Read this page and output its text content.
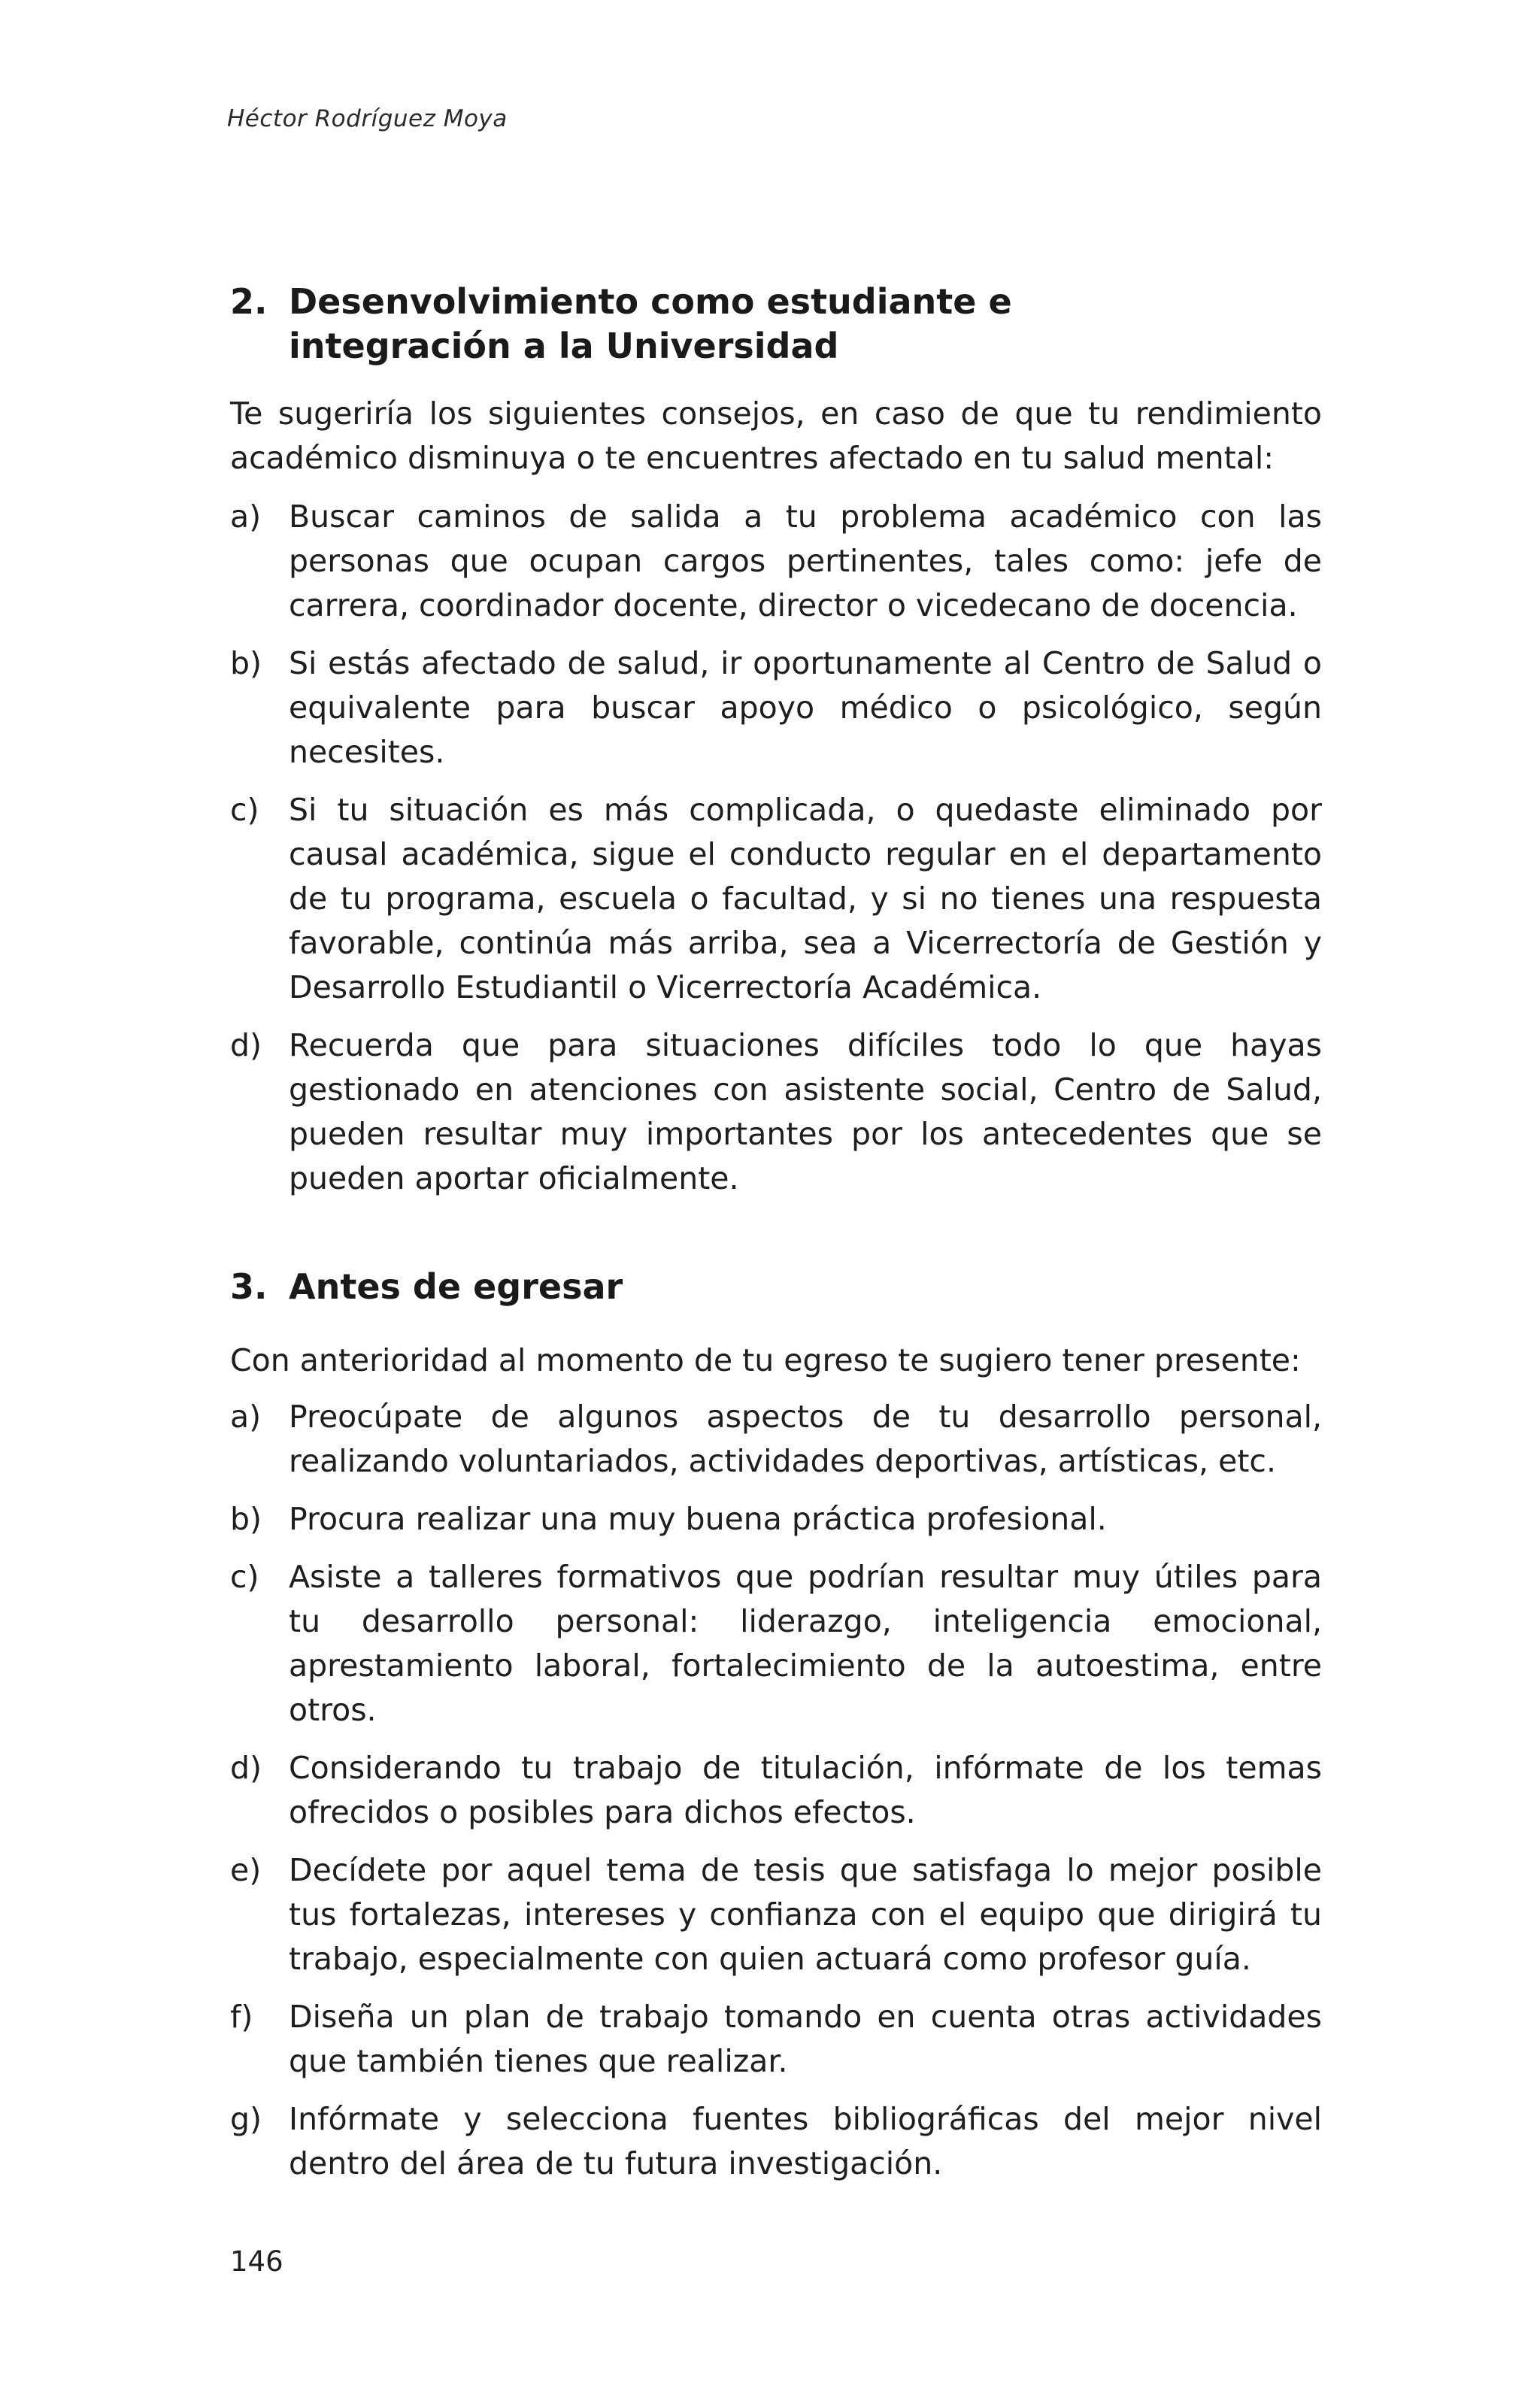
Héctor Rodríguez Moya
2. Desenvolvimiento como estudiante e
integración a la Universidad

Te sugeriría los siguientes consejos, en caso de que tu rendimiento académico disminuya o te encuentres afectado en tu salud mental:

a) Buscar caminos de salida a tu problema académico con las personas que ocupan cargos pertinentes, tales como: jefe de carrera, coordinador docente, director o vicedecano de docencia.
b) Si estás afectado de salud, ir oportunamente al Centro de Salud o equivalente para buscar apoyo médico o psicológico, según necesites.
c) Si tu situación es más complicada, o quedaste eliminado por causal académica, sigue el conducto regular en el departamento de tu programa, escuela o facultad, y si no tienes una respuesta favorable, continúa más arriba, sea a Vicerrectoría de Gestión y Desarrollo Estudiantil o Vicerrectoría Académica.
d) Recuerda que para situaciones difíciles todo lo que hayas gestionado en atenciones con asistente social, Centro de Salud, pueden resultar muy importantes por los antecedentes que se pueden aportar oficialmente.
3. Antes de egresar

Con anterioridad al momento de tu egreso te sugiero tener presente:

a) Preocúpate de algunos aspectos de tu desarrollo personal, realizando voluntariados, actividades deportivas, artísticas, etc.
b) Procura realizar una muy buena práctica profesional.
c) Asiste a talleres formativos que podrían resultar muy útiles para tu desarrollo personal: liderazgo, inteligencia emocional, aprestamiento laboral, fortalecimiento de la autoestima, entre otros.
d) Considerando tu trabajo de titulación, infórmate de los temas ofrecidos o posibles para dichos efectos.
e) Decídete por aquel tema de tesis que satisfaga lo mejor posible tus fortalezas, intereses y confianza con el equipo que dirigirá tu trabajo, especialmente con quien actuará como profesor guía.
f)	Diseña un plan de trabajo tomando en cuenta otras actividades que también tienes que realizar.
g) Infórmate y selecciona fuentes bibliográficas del mejor nivel dentro del área de tu futura investigación.
146
